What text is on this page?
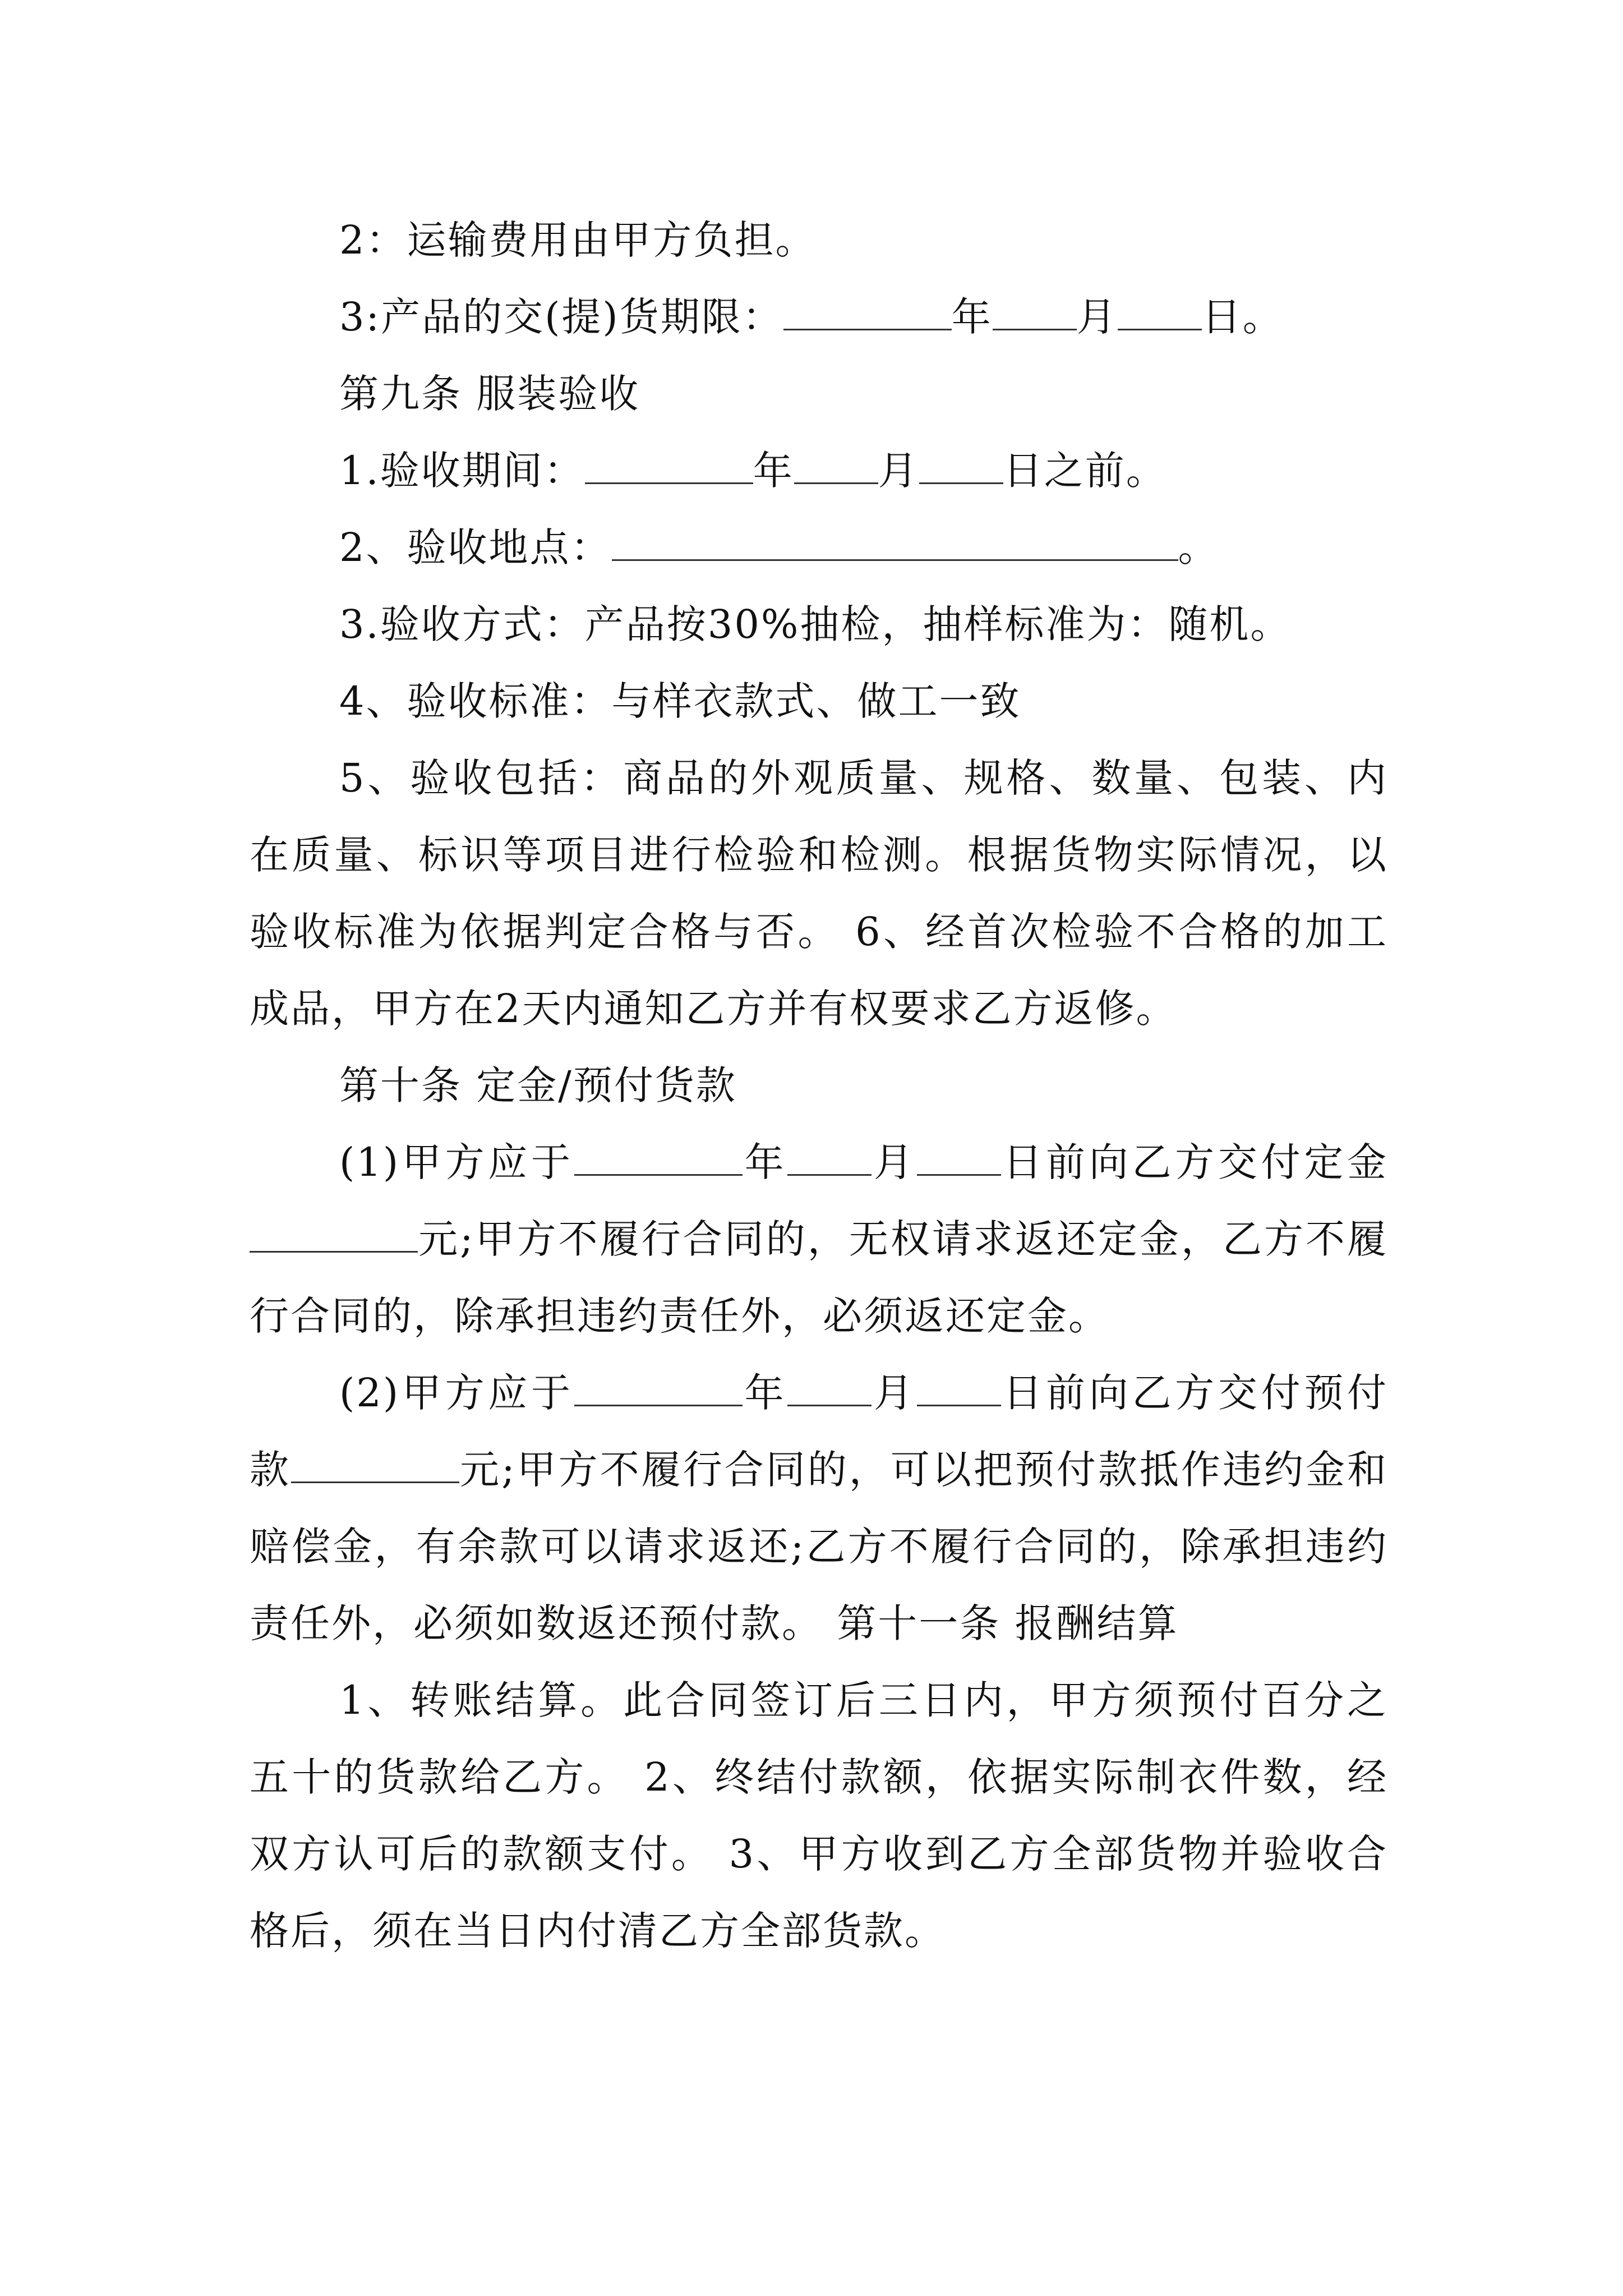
2：运输费用由甲方负担。

3:产品的交(提)货期限：	年 月 日。

第九条 服装验收

1.验收期间：	年 月 日之前。

2、验收地点：	。

3.验收方式：产品按30%抽检，抽样标准为：随机。

4、验收标准：与样衣款式、做工一致

5、验收包括：商品的外观质量、规格、数量、包装、内在质量、标识等项目进行检验和检测。根据货物实际情况，以验收标准为依据判定合格与否。 6、经首次检验不合格的加工成品，甲方在2天内通知乙方并有权要求乙方返修。

第十条 定金/预付货款

(1)甲方应于	年 月 日前向乙方交付定金元;甲方不履行合同的，无权请求返还定金，乙方不履行合同的，除承担违约责任外，必须返还定金。

(2)甲方应于	年 月 日前向乙方交付预付款	元;甲方不履行合同的，可以把预付款抵作违约金和赔偿金，有余款可以请求返还;乙方不履行合同的，除承担违约责任外，必须如数返还预付款。 第十一条 报酬结算

1、转账结算。此合同签订后三日内，甲方须预付百分之五十的货款给乙方。 2、终结付款额，依据实际制衣件数，经双方认可后的款额支付。 3、甲方收到乙方全部货物并验收合格后，须在当日内付清乙方全部货款。
